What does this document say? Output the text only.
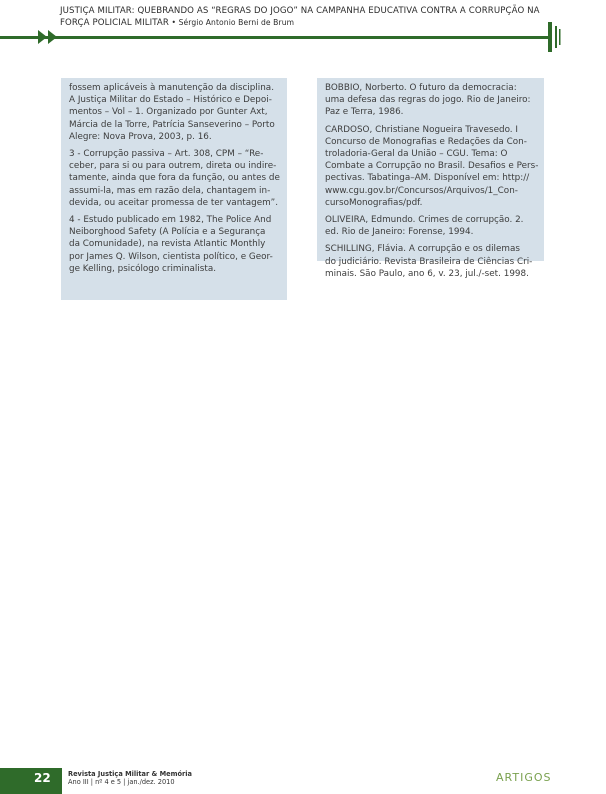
JUSTIÇA MILITAR: QUEBRANDO AS “REGRAS DO JOGO” NA CAMPANHA EDUCATIVA CONTRA A CORRUPÇÃO NA
FORÇA POLICIAL MILITAR • Sérgio Antonio Berni de Brum

fossem aplicáveis à manutenção da disciplina.
A Justiça Militar do Estado – Histórico e Depoi-
mentos – Vol – 1. Organizado por Gunter Axt,
Márcia de la Torre, Patrícia Sanseverino – Porto
Alegre: Nova Prova, 2003, p. 16.

3 - Corrupção passiva – Art. 308, CPM – “Re-
ceber, para si ou para outrem, direta ou indire-
tamente, ainda que fora da função, ou antes de
assumi-la, mas em razão dela, chantagem in-
devida, ou aceitar promessa de ter vantagem”.

4 - Estudo publicado em 1982, The Police And
Neiborghood Safety (A Polícia e a Segurança
da Comunidade), na revista Atlantic Monthly
por James Q. Wilson, cientista político, e Geor-
ge Kelling, psicólogo criminalista.

BOBBIO, Norberto. O futuro da democracia:
uma defesa das regras do jogo. Rio de Janeiro:
Paz e Terra, 1986.

CARDOSO, Christiane Nogueira Travesedo. I
Concurso de Monografias e Redações da Con-
troladoria-Geral da União – CGU. Tema: O
Combate a Corrupção no Brasil. Desafios e Pers-
pectivas. Tabatinga–AM. Disponível em: http://
www.cgu.gov.br/Concursos/Arquivos/1_Con-
cursoMonografias/pdf.

OLIVEIRA, Edmundo. Crimes de corrupção. 2.
ed. Rio de Janeiro: Forense, 1994.

SCHILLING, Flávia. A corrupção e os dilemas
do judiciário. Revista Brasileira de Ciências Cri-
minais. São Paulo, ano 6, v. 23, jul./-set. 1998.

22	Revista Justiça Militar & Memória
Ano III | nº 4 e 5 | jan./dez. 2010	ARTIGOS
